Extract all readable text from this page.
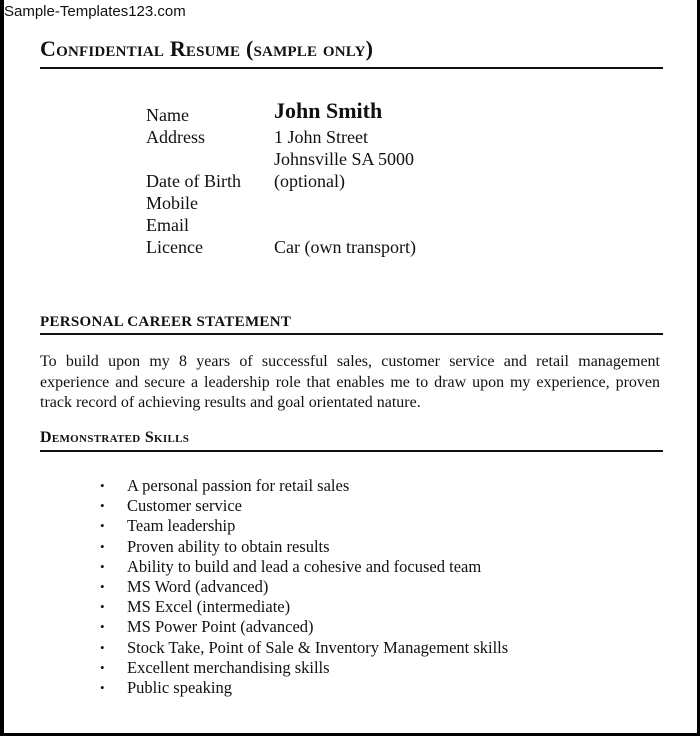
Sample-Templates123.com
Confidential Resume (sample only)
Name	John Smith
Address	1 John Street
Johnsville SA 5000
Date of Birth	(optional)
Mobile
Email
Licence	Car (own transport)
PERSONAL CAREER STATEMENT
To build upon my 8 years of successful sales, customer service and retail management experience and secure a leadership role that enables me to draw upon my experience, proven track record of achieving results and goal orientated nature.
Demonstrated Skills
• A personal passion for retail sales
• Customer service
• Team leadership
• Proven ability to obtain results
• Ability to build and lead a cohesive and focused team
• MS Word (advanced)
• MS Excel (intermediate)
• MS Power Point (advanced)
• Stock Take, Point of Sale & Inventory Management skills
• Excellent merchandising skills
• Public speaking
